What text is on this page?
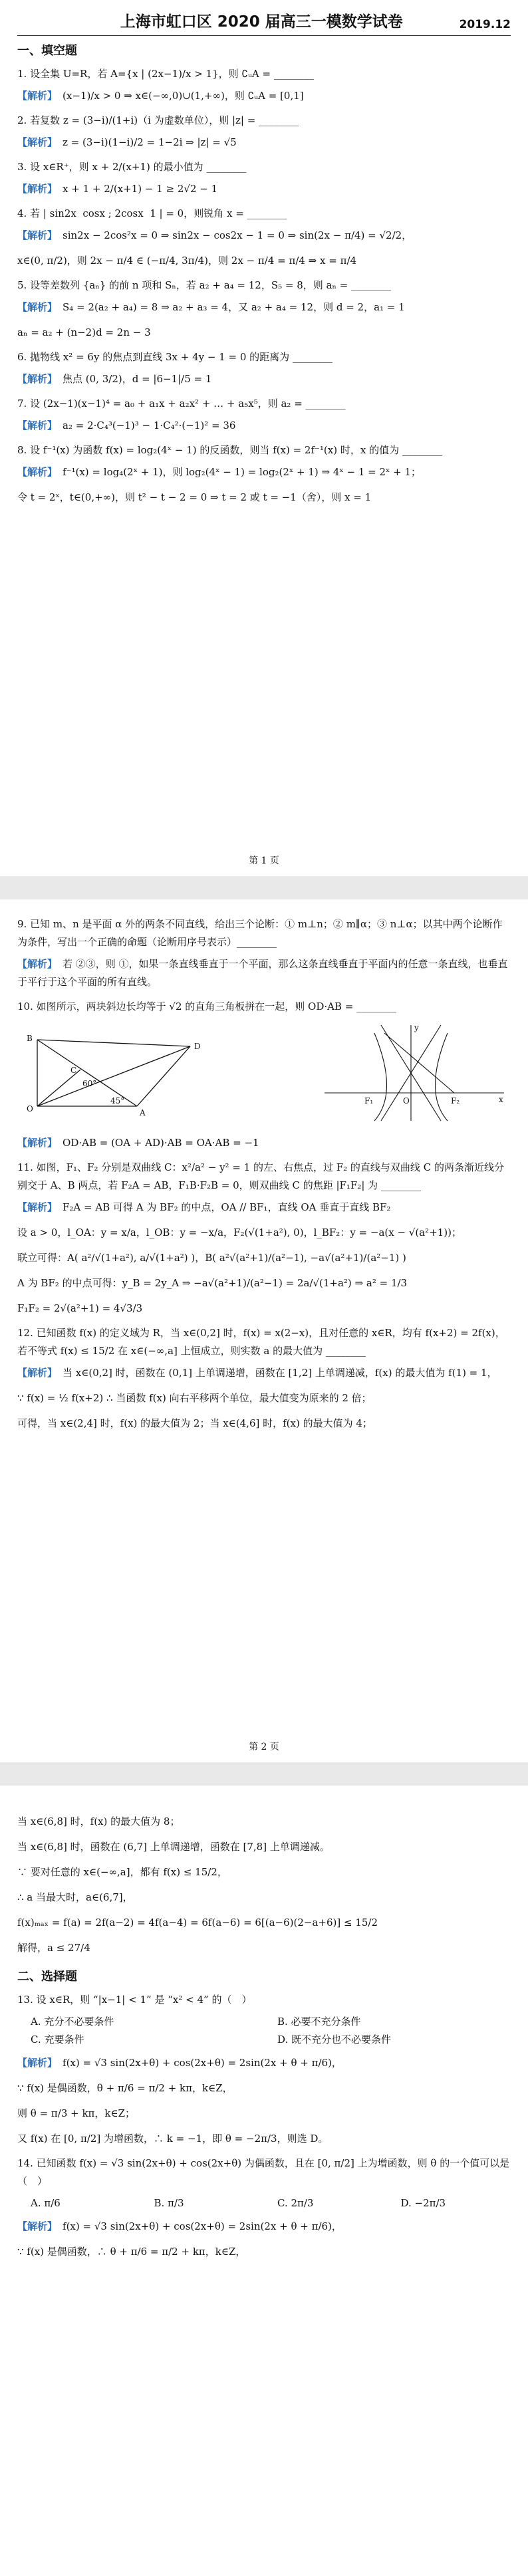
上海市虹口区 2020 届高三一模数学试卷	2019.12
一、填空题
1. 设全集 U=R，若 A={x | (2x−1)/x > 1}，则 ∁ᵤA = ________
【解析】 (x−1)/x > 0 ⇒ x∈(−∞,0)∪(1,+∞)，则 ∁ᵤA = [0,1]
2. 若复数 z = (3−i)/(1+i)（i 为虚数单位），则 |z| = ________
【解析】 z = (3−i)(1−i)/2 = 1−2i ⇒ |z| = √5
3. 设 x∈R⁺，则 x + 2/(x+1) 的最小值为 ________
【解析】 x + 1 + 2/(x+1) − 1 ≥ 2√2 − 1
4. 若 | sin2x  cosx ; 2cosx  1 | = 0，则锐角 x = ________
【解析】 sin2x − 2cos²x = 0 ⇒ sin2x − cos2x − 1 = 0 ⇒ sin(2x − π/4) = √2/2，
x∈(0, π/2)，则 2x − π/4 ∈ (−π/4, 3π/4)，则 2x − π/4 = π/4 ⇒ x = π/4
5. 设等差数列 {aₙ} 的前 n 项和 Sₙ，若 a₂ + a₄ = 12，S₅ = 8，则 aₙ = ________
【解析】 S₄ = 2(a₂ + a₄) = 8 ⇒ a₂ + a₃ = 4，又 a₂ + a₄ = 12，则 d = 2，a₁ = 1
aₙ = a₂ + (n−2)d = 2n − 3
6. 抛物线 x² = 6y 的焦点到直线 3x + 4y − 1 = 0 的距离为 ________
【解析】 焦点 (0, 3/2)，d = |6−1|/5 = 1
7. 设 (2x−1)(x−1)⁴ = a₀ + a₁x + a₂x² + … + a₅x⁵，则 a₂ = ________
【解析】 a₂ = 2·C₄³(−1)³ − 1·C₄²·(−1)² = 36
8. 设 f⁻¹(x) 为函数 f(x) = log₂(4ˣ − 1) 的反函数，则当 f(x) = 2f⁻¹(x) 时，x 的值为 ________
【解析】 f⁻¹(x) = log₄(2ˣ + 1)，则 log₂(4ˣ − 1) = log₂(2ˣ + 1) ⇒ 4ˣ − 1 = 2ˣ + 1；
令 t = 2ˣ，t∈(0,+∞)，则 t² − t − 2 = 0 ⇒ t = 2 或 t = −1（舍），则 x = 1
第 1 页
9. 已知 m、n 是平面 α 外的两条不同直线，给出三个论断：① m⊥n；② m∥α；③ n⊥α；以其中两个论断作为条件，写出一个正确的命题（论断用序号表示）________
【解析】 若 ②③，则 ①，如果一条直线垂直于一个平面，那么这条直线垂直于平面内的任意一条直线，也垂直于平行于这个平面的所有直线。
10. 如图所示，两块斜边长均等于 √2 的直角三角板拼在一起，则 OD·AB = ________
B
C
D
O	A
60°
45°
y
x
F₁	O	F₂
【解析】 OD·AB = (OA + AD)·AB = OA·AB = −1
11. 如图，F₁、F₂ 分别是双曲线 C：x²/a² − y² = 1 的左、右焦点，过 F₂ 的直线与双曲线 C 的两条渐近线分别交于 A、B 两点，若 F₂A = AB，F₁B·F₂B = 0，则双曲线 C 的焦距 |F₁F₂| 为 ________
【解析】 F₂A = AB 可得 A 为 BF₂ 的中点，OA // BF₁，直线 OA 垂直于直线 BF₂
设 a > 0，l_OA：y = x/a，l_OB：y = −x/a，F₂(√(1+a²), 0)，l_BF₂：y = −a(x − √(a²+1))；
联立可得：A( a²/√(1+a²), a/√(1+a²) )，B( a²√(a²+1)/(a²−1), −a√(a²+1)/(a²−1) )
A 为 BF₂ 的中点可得：y_B = 2y_A ⇒ −a√(a²+1)/(a²−1) = 2a/√(1+a²) ⇒ a² = 1/3
F₁F₂ = 2√(a²+1) = 4√3/3
12. 已知函数 f(x) 的定义域为 R，当 x∈(0,2] 时，f(x) = x(2−x)，且对任意的 x∈R，均有 f(x+2) = 2f(x)，若不等式 f(x) ≤ 15/2 在 x∈(−∞,a] 上恒成立，则实数 a 的最大值为 ________
【解析】 当 x∈(0,2] 时，函数在 (0,1] 上单调递增，函数在 [1,2] 上单调递减，f(x) 的最大值为 f(1) = 1，
∵ f(x) = ½ f(x+2) ∴ 当函数 f(x) 向右平移两个单位，最大值变为原来的 2 倍；
可得，当 x∈(2,4] 时，f(x) 的最大值为 2；当 x∈(4,6] 时，f(x) 的最大值为 4；
第 2 页
当 x∈(6,8] 时，f(x) 的最大值为 8；
当 x∈(6,8] 时，函数在 (6,7] 上单调递增，函数在 [7,8] 上单调递减。
∵ 要对任意的 x∈(−∞,a]，都有 f(x) ≤ 15/2，
∴ a 当最大时，a∈(6,7]，
f(x)ₘₐₓ = f(a) = 2f(a−2) = 4f(a−4) = 6f(a−6) = 6[(a−6)(2−a+6)] ≤ 15/2
解得，a ≤ 27/4
二、选择题
13. 设 x∈R，则 “|x−1| < 1” 是 “x² < 4” 的（　）
A. 充分不必要条件	B. 必要不充分条件
C. 充要条件	D. 既不充分也不必要条件
【解析】 f(x) = √3 sin(2x+θ) + cos(2x+θ) = 2sin(2x + θ + π/6)，
∵ f(x) 是偶函数，θ + π/6 = π/2 + kπ，k∈Z，
则 θ = π/3 + kπ，k∈Z；
又 f(x) 在 [0, π/2] 为增函数，∴ k = −1，即 θ = −2π/3，则选 D。
14. 已知函数 f(x) = √3 sin(2x+θ) + cos(2x+θ) 为偶函数，且在 [0, π/2] 上为增函数，则 θ 的一个值可以是（　）
A. π/6	B. π/3	C. 2π/3	D. −2π/3
【解析】 f(x) = √3 sin(2x+θ) + cos(2x+θ) = 2sin(2x + θ + π/6)，
∵ f(x) 是偶函数，∴ θ + π/6 = π/2 + kπ，k∈Z，
